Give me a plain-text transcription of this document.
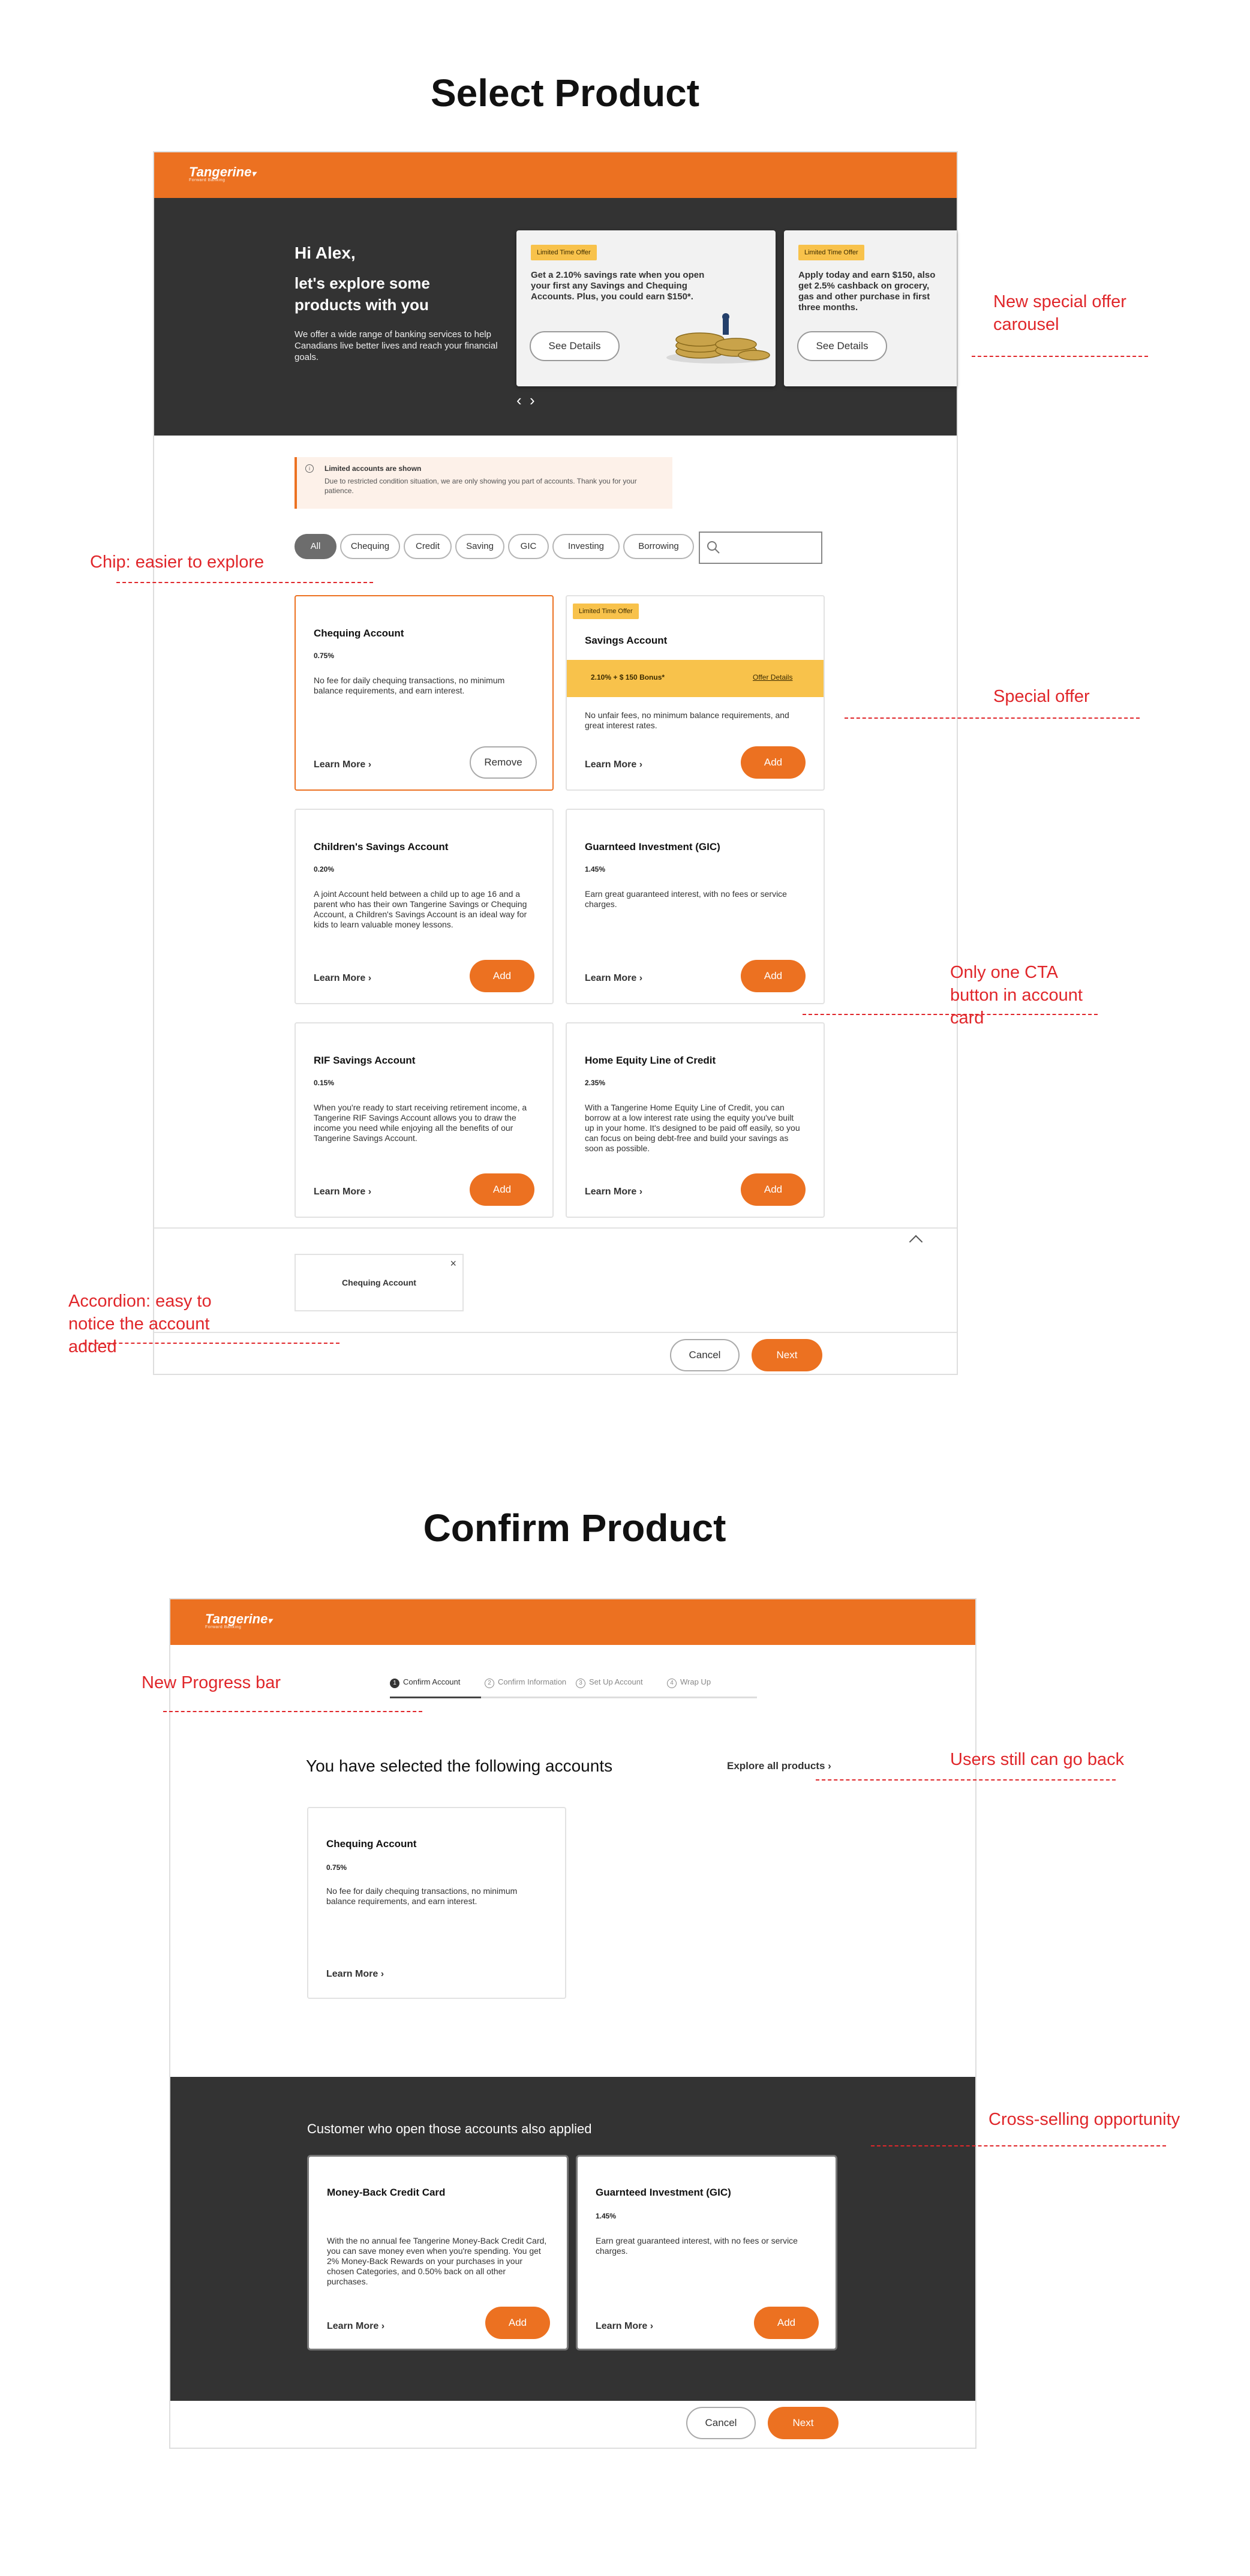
Select Product
Tangerine▾
Forward Banking
Hi Alex,
let's explore some products with you
We offer a wide range of banking services to help Canadians live better lives and reach your financial goals.
Limited Time Offer
Get a 2.10% savings rate when you open your first any Savings and Chequing Accounts. Plus, you could earn $150*.
See Details
Limited Time Offer
Apply today and earn $150, also get 2.5% cashback on grocery, gas and other purchase in first three months.
See Details
‹ ›
i	Limited accounts are shown
Due to restricted condition situation, we are only showing you part of accounts. Thank you for your patience.
All	Chequing	Credit	Saving	GIC	Investing	Borrowing
Chequing Account
0.75%
No fee for daily chequing transactions, no minimum balance requirements, and earn interest.
Learn More ›	Remove
Limited Time Offer
Savings Account
2.10% + $ 150 Bonus*	Offer Details
No unfair fees, no minimum balance requirements, and great interest rates.
Learn More ›	Add
Children's Savings Account
0.20%
A joint Account held between a child up to age 16 and a parent who has their own Tangerine Savings or Chequing Account, a Children's Savings Account is an ideal way for kids to learn valuable money lessons.
Learn More ›	Add
Guarnteed Investment (GIC)
1.45%
Earn great guaranteed interest, with no fees or service charges.
Learn More ›	Add
RIF Savings Account
0.15%
When you're ready to start receiving retirement income, a Tangerine RIF Savings Account allows you to draw the income you need while enjoying all the benefits of our Tangerine Savings Account.
Learn More ›	Add
Home Equity Line of Credit
2.35%
With a Tangerine Home Equity Line of Credit, you can borrow at a low interest rate using the equity you've built up in your home. It's designed to be paid off easily, so you can focus on being debt-free and build your savings as soon as possible.
Learn More ›	Add
Chequing Account
×
Cancel	Next
New special offer carousel
Chip: easier to explore
Special offer
Only one CTA button in account card
Accordion: easy to notice the account added
Confirm Product
Tangerine▾
Forward Banking
1 Confirm Account	2 Confirm Information	3 Set Up Account	4 Wrap Up
You have selected the following accounts	Explore all products ›
Chequing Account
0.75%
No fee for daily chequing transactions, no minimum balance requirements, and earn interest.
Learn More ›
Customer who open those accounts also applied
Money-Back Credit Card
With the no annual fee Tangerine Money-Back Credit Card, you can save money even when you're spending. You get 2% Money-Back Rewards on your purchases in your chosen Categories, and 0.50% back on all other purchases.
Learn More ›	Add
Guarnteed Investment (GIC)
1.45%
Earn great guaranteed interest, with no fees or service charges.
Learn More ›	Add
Cancel	Next
New Progress bar
Users still can go back
Cross-selling opportunity
